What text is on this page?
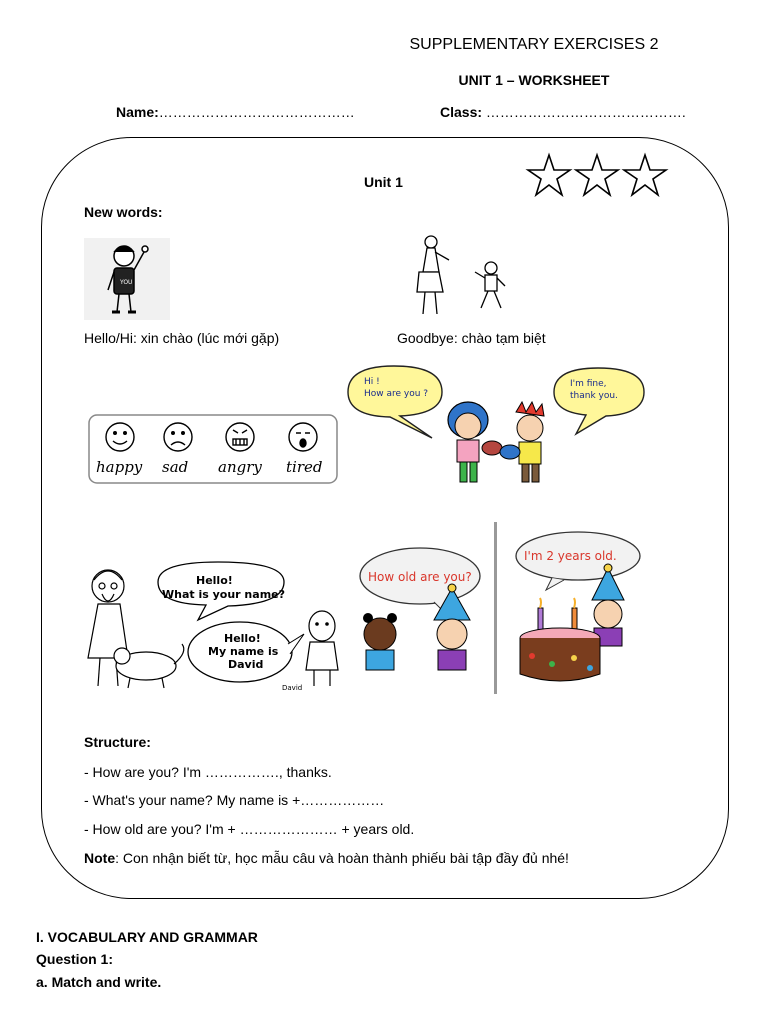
SUPPLEMENTARY EXERCISES 2
UNIT 1 – WORKSHEET
Name:……………………………………	Class: …………………………………….
Unit 1
New words:
YOU
Hello/Hi: xin chào (lúc mới gặp)	Goodbye: chào tạm biệt
happy sad angry tired
Hi !
How are you ?
I'm fine,
thank you.
Hello!
What is your name?
Hello!
My name is
David
David
How old are you?
I'm 2 years old.
Structure:
- How are you? I'm ……………., thanks.
- What's your name? My name is +………………
- How old are you? I'm + ………………… + years old.
Note: Con nhận biết từ, học mẫu câu và hoàn thành phiếu bài tập đầy đủ nhé!
I. VOCABULARY AND GRAMMAR
Question 1:
a. Match and write.
